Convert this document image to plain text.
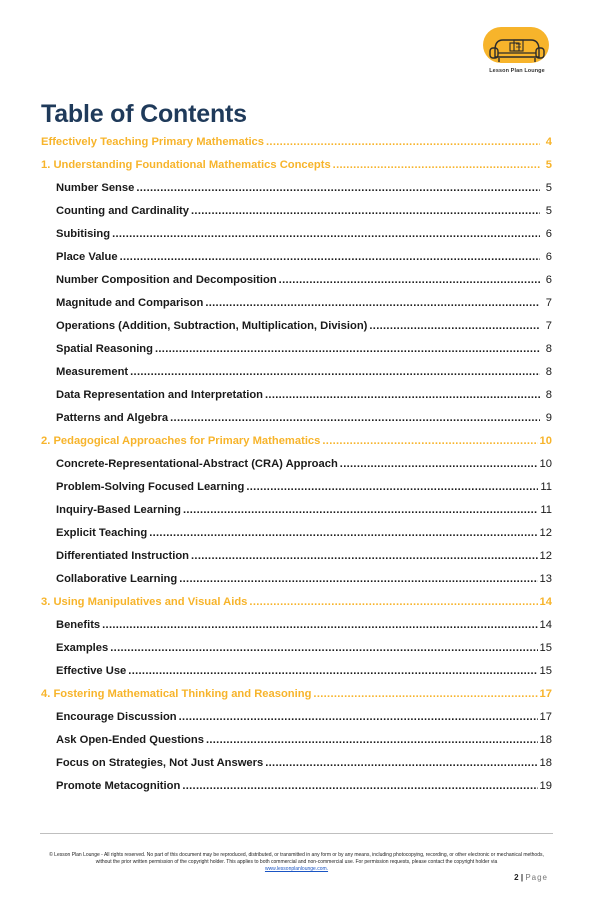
Lesson Plan Lounge
Table of Contents
Effectively Teaching Primary Mathematics .....	4
1. Understanding Foundational Mathematics Concepts .....	5
Number Sense .....	5
Counting and Cardinality .....	5
Subitising .....	6
Place Value .....	6
Number Composition and Decomposition .....	6
Magnitude and Comparison .....	7
Operations (Addition, Subtraction, Multiplication, Division) .....	7
Spatial Reasoning .....	8
Measurement .....	8
Data Representation and Interpretation .....	8
Patterns and Algebra .....	9
2. Pedagogical Approaches for Primary Mathematics .....	10
Concrete-Representational-Abstract (CRA) Approach .....	10
Problem-Solving Focused Learning .....	11
Inquiry-Based Learning .....	11
Explicit Teaching .....	12
Differentiated Instruction .....	12
Collaborative Learning .....	13
3. Using Manipulatives and Visual Aids .....	14
Benefits .....	14
Examples .....	15
Effective Use .....	15
4. Fostering Mathematical Thinking and Reasoning .....	17
Encourage Discussion .....	17
Ask Open-Ended Questions .....	18
Focus on Strategies, Not Just Answers .....	18
Promote Metacognition .....	19
© Lesson Plan Lounge - All rights reserved. No part of this document may be reproduced, distributed, or transmitted in any form or by any means, including photocopying, recording, or other electronic or mechanical methods, without the prior written permission of the copyright holder. This applies to both commercial and non-commercial use. For permission requests, please contact the copyright holder via
www.lessonplanlounge.com.
2 | Page
